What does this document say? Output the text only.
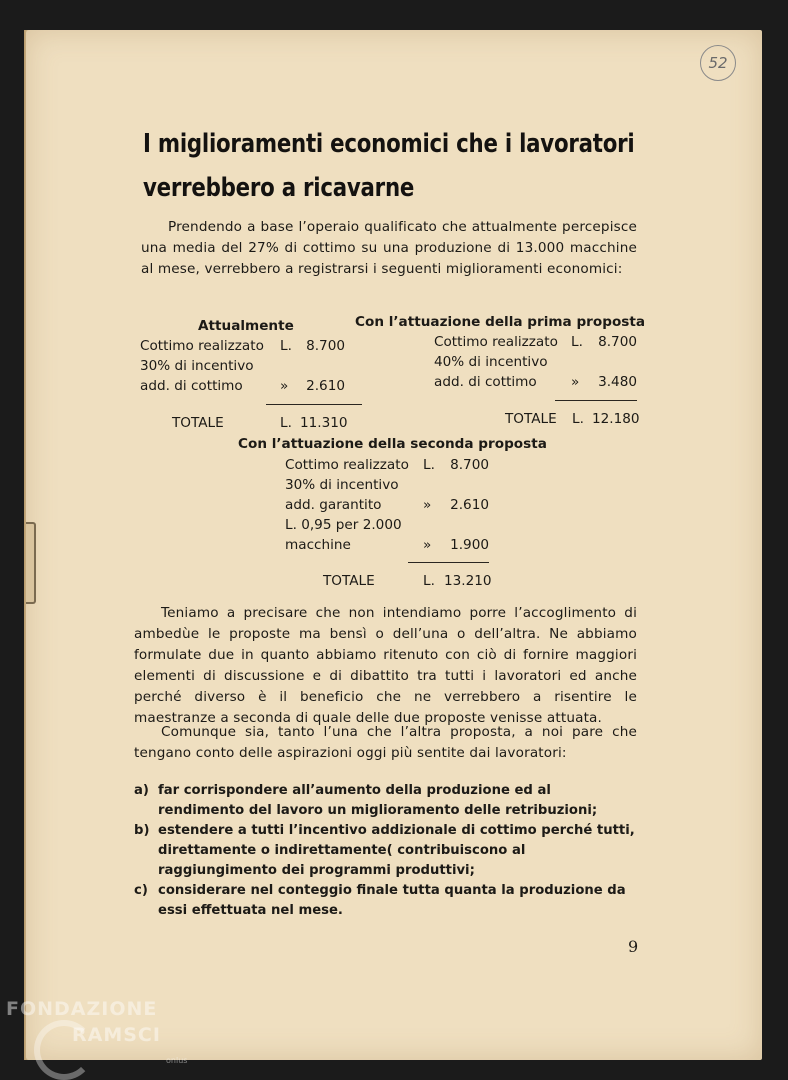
52
I miglioramenti economici che i lavoratori
verrebbero a ricavarne
Prendendo a base l’operaio qualificato che attualmente percepisce una media del 27% di cottimo su una produzione di 13.000 macchine al mese, verrebbero a registrarsi i seguenti miglioramenti economici:
Attualmente
Cottimo realizzato L. 8.700
30% di incentivo
add. di cottimo	» 2.610
TOTALE	L. 11.310
Con l’attuazione della prima proposta
Cottimo realizzato L. 8.700
40% di incentivo
add. di cottimo	» 3.480
TOTALE L. 12.180
Con l’attuazione della seconda proposta
Cottimo realizzato L. 8.700
30% di incentivo
add. garantito	» 2.610
L. 0,95 per 2.000
macchine	» 1.900
TOTALE	L. 13.210
Teniamo a precisare che non intendiamo porre l’accoglimento di ambedùe le proposte ma bensì o dell’una o dell’altra. Ne abbiamo formulate due in quanto abbiamo ritenuto con ciò di fornire maggiori elementi di discussione e di dibattito tra tutti i lavoratori ed anche perché diverso è il beneficio che ne verrebbero a risentire le maestranze a seconda di quale delle due proposte venisse attuata.
Comunque sia, tanto l’una che l’altra proposta, a noi pare che tengano conto delle aspirazioni oggi più sentite dai lavoratori:
a) far corrispondere all’aumento della produzione ed al rendimento del lavoro un miglioramento delle retribuzioni;
b) estendere a tutti l’incentivo addizionale di cottimo perché tutti, direttamente o indirettamente( contribuiscono al raggiungimento dei programmi produttivi;
c) considerare nel conteggio finale tutta quanta la produzione da essi effettuata nel mese.
9
FONDAZIONE
RAMSCI
onlus
